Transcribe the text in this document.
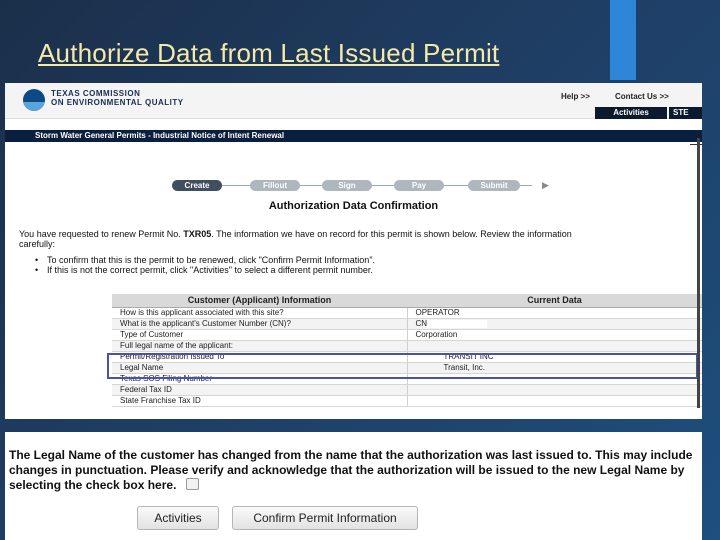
Authorize Data from Last Issued Permit
TEXAS COMMISSION
ON ENVIRONMENTAL QUALITY
Help >>	Contact Us >>
Activities	STE
Storm Water General Permits - Industrial Notice of Intent Renewal
Create	Fillout	Sign	Pay	Submit	▶
Authorization Data Confirmation
You have requested to renew Permit No. TXR05. The information we have on record for this permit is shown below. Review the information
carefully:
• To confirm that this is the permit to be renewed, click "Confirm Permit Information".
• If this is not the correct permit, click "Activities" to select a different permit number.
Customer (Applicant) Information	Current Data
How is this applicant associated with this site?	OPERATOR
What is the applicant's Customer Number (CN)?	CN
Type of Customer	Corporation
Full legal name of the applicant:	
Permit/Registration Issued To	TRANSIT INC
Legal Name	Transit, Inc.
Texas SOS Filing Number	
Federal Tax ID	
State Franchise Tax ID	
The Legal Name of the customer has changed from the name that the authorization was last issued to. This may include changes in punctuation. Please verify and acknowledge that the authorization will be issued to the new Legal Name by selecting the check box here.
Activities	Confirm Permit Information
